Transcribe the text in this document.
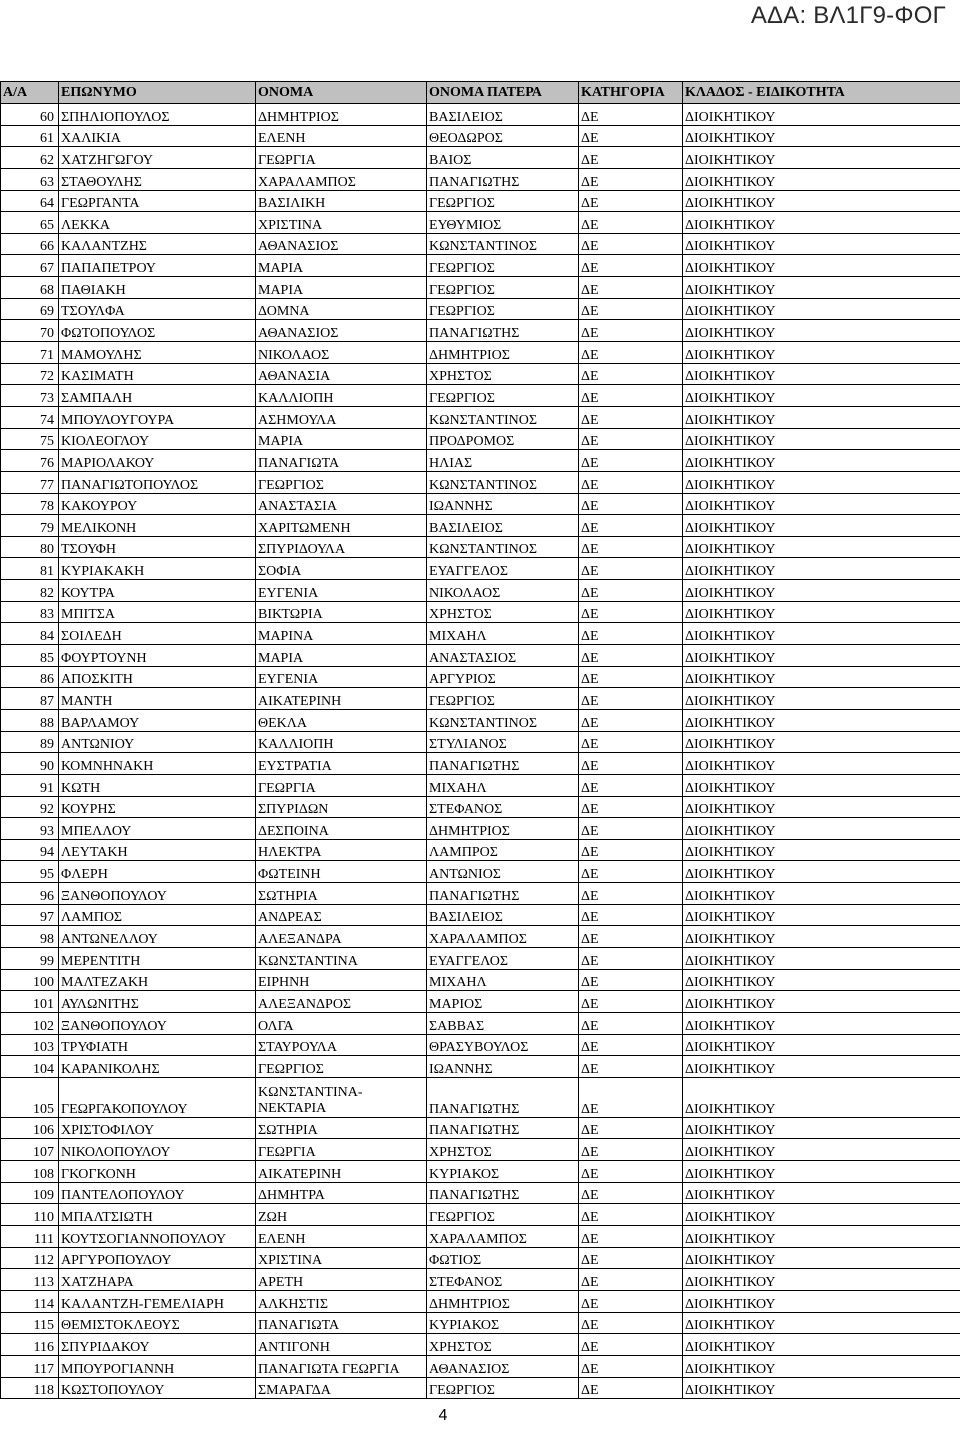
ΑΔΑ: ΒΛ1Γ9-ΦΟΓ
Α/Α	ΕΠΩΝΥΜΟ	ΟΝΟΜΑ	ΟΝΟΜΑ ΠΑΤΕΡΑ	ΚΑΤΗΓΟΡΙΑ	ΚΛΑΔΟΣ - ΕΙΔΙΚΟΤΗΤΑ
60	ΣΠΗΛΙΟΠΟΥΛΟΣ	ΔΗΜΗΤΡΙΟΣ	ΒΑΣΙΛΕΙΟΣ	ΔΕ	ΔΙΟΙΚΗΤΙΚΟΥ
61	ΧΑΛΙΚΙΑ	ΕΛΕΝΗ	ΘΕΟΔΩΡΟΣ	ΔΕ	ΔΙΟΙΚΗΤΙΚΟΥ
62	ΧΑΤΖΗΓΩΓΟΥ	ΓΕΩΡΓΙΑ	ΒΑΙΟΣ	ΔΕ	ΔΙΟΙΚΗΤΙΚΟΥ
63	ΣΤΑΘΟΥΛΗΣ	ΧΑΡΑΛΑΜΠΟΣ	ΠΑΝΑΓΙΩΤΗΣ	ΔΕ	ΔΙΟΙΚΗΤΙΚΟΥ
64	ΓΕΩΡΓΑΝΤΑ	ΒΑΣΙΛΙΚΗ	ΓΕΩΡΓΙΟΣ	ΔΕ	ΔΙΟΙΚΗΤΙΚΟΥ
65	ΛΕΚΚΑ	ΧΡΙΣΤΙΝΑ	ΕΥΘΥΜΙΟΣ	ΔΕ	ΔΙΟΙΚΗΤΙΚΟΥ
66	ΚΑΛΑΝΤΖΗΣ	ΑΘΑΝΑΣΙΟΣ	ΚΩΝΣΤΑΝΤΙΝΟΣ	ΔΕ	ΔΙΟΙΚΗΤΙΚΟΥ
67	ΠΑΠΑΠΕΤΡΟΥ	ΜΑΡΙΑ	ΓΕΩΡΓΙΟΣ	ΔΕ	ΔΙΟΙΚΗΤΙΚΟΥ
68	ΠΑΘΙΑΚΗ	ΜΑΡΙΑ	ΓΕΩΡΓΙΟΣ	ΔΕ	ΔΙΟΙΚΗΤΙΚΟΥ
69	ΤΣΟΥΛΦΑ	ΔΟΜΝΑ	ΓΕΩΡΓΙΟΣ	ΔΕ	ΔΙΟΙΚΗΤΙΚΟΥ
70	ΦΩΤΟΠΟΥΛΟΣ	ΑΘΑΝΑΣΙΟΣ	ΠΑΝΑΓΙΩΤΗΣ	ΔΕ	ΔΙΟΙΚΗΤΙΚΟΥ
71	ΜΑΜΟΥΛΗΣ	ΝΙΚΟΛΑΟΣ	ΔΗΜΗΤΡΙΟΣ	ΔΕ	ΔΙΟΙΚΗΤΙΚΟΥ
72	ΚΑΣΙΜΑΤΗ	ΑΘΑΝΑΣΙΑ	ΧΡΗΣΤΟΣ	ΔΕ	ΔΙΟΙΚΗΤΙΚΟΥ
73	ΣΑΜΠΑΛΗ	ΚΑΛΛΙΟΠΗ	ΓΕΩΡΓΙΟΣ	ΔΕ	ΔΙΟΙΚΗΤΙΚΟΥ
74	ΜΠΟΥΛΟΥΓΟΥΡΑ	ΑΣΗΜΟΥΛΑ	ΚΩΝΣΤΑΝΤΙΝΟΣ	ΔΕ	ΔΙΟΙΚΗΤΙΚΟΥ
75	ΚΙΟΛΕΟΓΛΟΥ	ΜΑΡΙΑ	ΠΡΟΔΡΟΜΟΣ	ΔΕ	ΔΙΟΙΚΗΤΙΚΟΥ
76	ΜΑΡΙΟΛΑΚΟΥ	ΠΑΝΑΓΙΩΤΑ	ΗΛΙΑΣ	ΔΕ	ΔΙΟΙΚΗΤΙΚΟΥ
77	ΠΑΝΑΓΙΩΤΟΠΟΥΛΟΣ	ΓΕΩΡΓΙΟΣ	ΚΩΝΣΤΑΝΤΙΝΟΣ	ΔΕ	ΔΙΟΙΚΗΤΙΚΟΥ
78	ΚΑΚΟΥΡΟΥ	ΑΝΑΣΤΑΣΙΑ	ΙΩΑΝΝΗΣ	ΔΕ	ΔΙΟΙΚΗΤΙΚΟΥ
79	ΜΕΛΙΚΟΝΗ	ΧΑΡΙΤΩΜΕΝΗ	ΒΑΣΙΛΕΙΟΣ	ΔΕ	ΔΙΟΙΚΗΤΙΚΟΥ
80	ΤΣΟΥΦΗ	ΣΠΥΡΙΔΟΥΛΑ	ΚΩΝΣΤΑΝΤΙΝΟΣ	ΔΕ	ΔΙΟΙΚΗΤΙΚΟΥ
81	ΚΥΡΙΑΚΑΚΗ	ΣΟΦΙΑ	ΕΥΑΓΓΕΛΟΣ	ΔΕ	ΔΙΟΙΚΗΤΙΚΟΥ
82	ΚΟΥΤΡΑ	ΕΥΓΕΝΙΑ	ΝΙΚΟΛΑΟΣ	ΔΕ	ΔΙΟΙΚΗΤΙΚΟΥ
83	ΜΠΙΤΣΑ	ΒΙΚΤΩΡΙΑ	ΧΡΗΣΤΟΣ	ΔΕ	ΔΙΟΙΚΗΤΙΚΟΥ
84	ΣΟΙΛΕΔΗ	ΜΑΡΙΝΑ	ΜΙΧΑΗΛ	ΔΕ	ΔΙΟΙΚΗΤΙΚΟΥ
85	ΦΟΥΡΤΟΥΝΗ	ΜΑΡΙΑ	ΑΝΑΣΤΑΣΙΟΣ	ΔΕ	ΔΙΟΙΚΗΤΙΚΟΥ
86	ΑΠΟΣΚΙΤΗ	ΕΥΓΕΝΙΑ	ΑΡΓΥΡΙΟΣ	ΔΕ	ΔΙΟΙΚΗΤΙΚΟΥ
87	ΜΑΝΤΗ	ΑΙΚΑΤΕΡΙΝΗ	ΓΕΩΡΓΙΟΣ	ΔΕ	ΔΙΟΙΚΗΤΙΚΟΥ
88	ΒΑΡΛΑΜΟΥ	ΘΕΚΛΑ	ΚΩΝΣΤΑΝΤΙΝΟΣ	ΔΕ	ΔΙΟΙΚΗΤΙΚΟΥ
89	ΑΝΤΩΝΙΟΥ	ΚΑΛΛΙΟΠΗ	ΣΤΥΛΙΑΝΟΣ	ΔΕ	ΔΙΟΙΚΗΤΙΚΟΥ
90	ΚΟΜΝΗΝΑΚΗ	ΕΥΣΤΡΑΤΙΑ	ΠΑΝΑΓΙΩΤΗΣ	ΔΕ	ΔΙΟΙΚΗΤΙΚΟΥ
91	ΚΩΤΗ	ΓΕΩΡΓΙΑ	ΜΙΧΑΗΛ	ΔΕ	ΔΙΟΙΚΗΤΙΚΟΥ
92	ΚΟΥΡΗΣ	ΣΠΥΡΙΔΩΝ	ΣΤΕΦΑΝΟΣ	ΔΕ	ΔΙΟΙΚΗΤΙΚΟΥ
93	ΜΠΕΛΛΟΥ	ΔΕΣΠΟΙΝΑ	ΔΗΜΗΤΡΙΟΣ	ΔΕ	ΔΙΟΙΚΗΤΙΚΟΥ
94	ΛΕΥΤΑΚΗ	ΗΛΕΚΤΡΑ	ΛΑΜΠΡΟΣ	ΔΕ	ΔΙΟΙΚΗΤΙΚΟΥ
95	ΦΛΕΡΗ	ΦΩΤΕΙΝΗ	ΑΝΤΩΝΙΟΣ	ΔΕ	ΔΙΟΙΚΗΤΙΚΟΥ
96	ΞΑΝΘΟΠΟΥΛΟΥ	ΣΩΤΗΡΙΑ	ΠΑΝΑΓΙΩΤΗΣ	ΔΕ	ΔΙΟΙΚΗΤΙΚΟΥ
97	ΛΑΜΠΟΣ	ΑΝΔΡΕΑΣ	ΒΑΣΙΛΕΙΟΣ	ΔΕ	ΔΙΟΙΚΗΤΙΚΟΥ
98	ΑΝΤΩΝΕΛΛΟΥ	ΑΛΕΞΑΝΔΡΑ	ΧΑΡΑΛΑΜΠΟΣ	ΔΕ	ΔΙΟΙΚΗΤΙΚΟΥ
99	ΜΕΡΕΝΤΙΤΗ	ΚΩΝΣΤΑΝΤΙΝΑ	ΕΥΑΓΓΕΛΟΣ	ΔΕ	ΔΙΟΙΚΗΤΙΚΟΥ
100	ΜΑΛΤΕΖΑΚΗ	ΕΙΡΗΝΗ	ΜΙΧΑΗΛ	ΔΕ	ΔΙΟΙΚΗΤΙΚΟΥ
101	ΑΥΛΩΝΙΤΗΣ	ΑΛΕΞΑΝΔΡΟΣ	ΜΑΡΙΟΣ	ΔΕ	ΔΙΟΙΚΗΤΙΚΟΥ
102	ΞΑΝΘΟΠΟΥΛΟΥ	ΟΛΓΑ	ΣΑΒΒΑΣ	ΔΕ	ΔΙΟΙΚΗΤΙΚΟΥ
103	ΤΡΥΦΙΑΤΗ	ΣΤΑΥΡΟΥΛΑ	ΘΡΑΣΥΒΟΥΛΟΣ	ΔΕ	ΔΙΟΙΚΗΤΙΚΟΥ
104	ΚΑΡΑΝΙΚΟΛΗΣ	ΓΕΩΡΓΙΟΣ	ΙΩΑΝΝΗΣ	ΔΕ	ΔΙΟΙΚΗΤΙΚΟΥ
105	ΓΕΩΡΓΑΚΟΠΟΥΛΟΥ	ΚΩΝΣΤΑΝΤΙΝΑ-ΝΕΚΤΑΡΙΑ	ΠΑΝΑΓΙΩΤΗΣ	ΔΕ	ΔΙΟΙΚΗΤΙΚΟΥ
106	ΧΡΙΣΤΟΦΙΛΟΥ	ΣΩΤΗΡΙΑ	ΠΑΝΑΓΙΩΤΗΣ	ΔΕ	ΔΙΟΙΚΗΤΙΚΟΥ
107	ΝΙΚΟΛΟΠΟΥΛΟΥ	ΓΕΩΡΓΙΑ	ΧΡΗΣΤΟΣ	ΔΕ	ΔΙΟΙΚΗΤΙΚΟΥ
108	ΓΚΟΓΚΟΝΗ	ΑΙΚΑΤΕΡΙΝΗ	ΚΥΡΙΑΚΟΣ	ΔΕ	ΔΙΟΙΚΗΤΙΚΟΥ
109	ΠΑΝΤΕΛΟΠΟΥΛΟΥ	ΔΗΜΗΤΡΑ	ΠΑΝΑΓΙΩΤΗΣ	ΔΕ	ΔΙΟΙΚΗΤΙΚΟΥ
110	ΜΠΑΛΤΣΙΩΤΗ	ΖΩΗ	ΓΕΩΡΓΙΟΣ	ΔΕ	ΔΙΟΙΚΗΤΙΚΟΥ
111	ΚΟΥΤΣΟΓΙΑΝΝΟΠΟΥΛΟΥ	ΕΛΕΝΗ	ΧΑΡΑΛΑΜΠΟΣ	ΔΕ	ΔΙΟΙΚΗΤΙΚΟΥ
112	ΑΡΓΥΡΟΠΟΥΛΟΥ	ΧΡΙΣΤΙΝΑ	ΦΩΤΙΟΣ	ΔΕ	ΔΙΟΙΚΗΤΙΚΟΥ
113	ΧΑΤΖΗΑΡΑ	ΑΡΕΤΗ	ΣΤΕΦΑΝΟΣ	ΔΕ	ΔΙΟΙΚΗΤΙΚΟΥ
114	ΚΑΛΑΝΤΖΗ-ΓΕΜΕΛΙΑΡΗ	ΑΛΚΗΣΤΙΣ	ΔΗΜΗΤΡΙΟΣ	ΔΕ	ΔΙΟΙΚΗΤΙΚΟΥ
115	ΘΕΜΙΣΤΟΚΛΕΟΥΣ	ΠΑΝΑΓΙΩΤΑ	ΚΥΡΙΑΚΟΣ	ΔΕ	ΔΙΟΙΚΗΤΙΚΟΥ
116	ΣΠΥΡΙΔΑΚΟΥ	ΑΝΤΙΓΟΝΗ	ΧΡΗΣΤΟΣ	ΔΕ	ΔΙΟΙΚΗΤΙΚΟΥ
117	ΜΠΟΥΡΟΓΙΑΝΝΗ	ΠΑΝΑΓΙΩΤΑ ΓΕΩΡΓΙΑ	ΑΘΑΝΑΣΙΟΣ	ΔΕ	ΔΙΟΙΚΗΤΙΚΟΥ
118	ΚΩΣΤΟΠΟΥΛΟΥ	ΣΜΑΡΑΓΔΑ	ΓΕΩΡΓΙΟΣ	ΔΕ	ΔΙΟΙΚΗΤΙΚΟΥ
4
